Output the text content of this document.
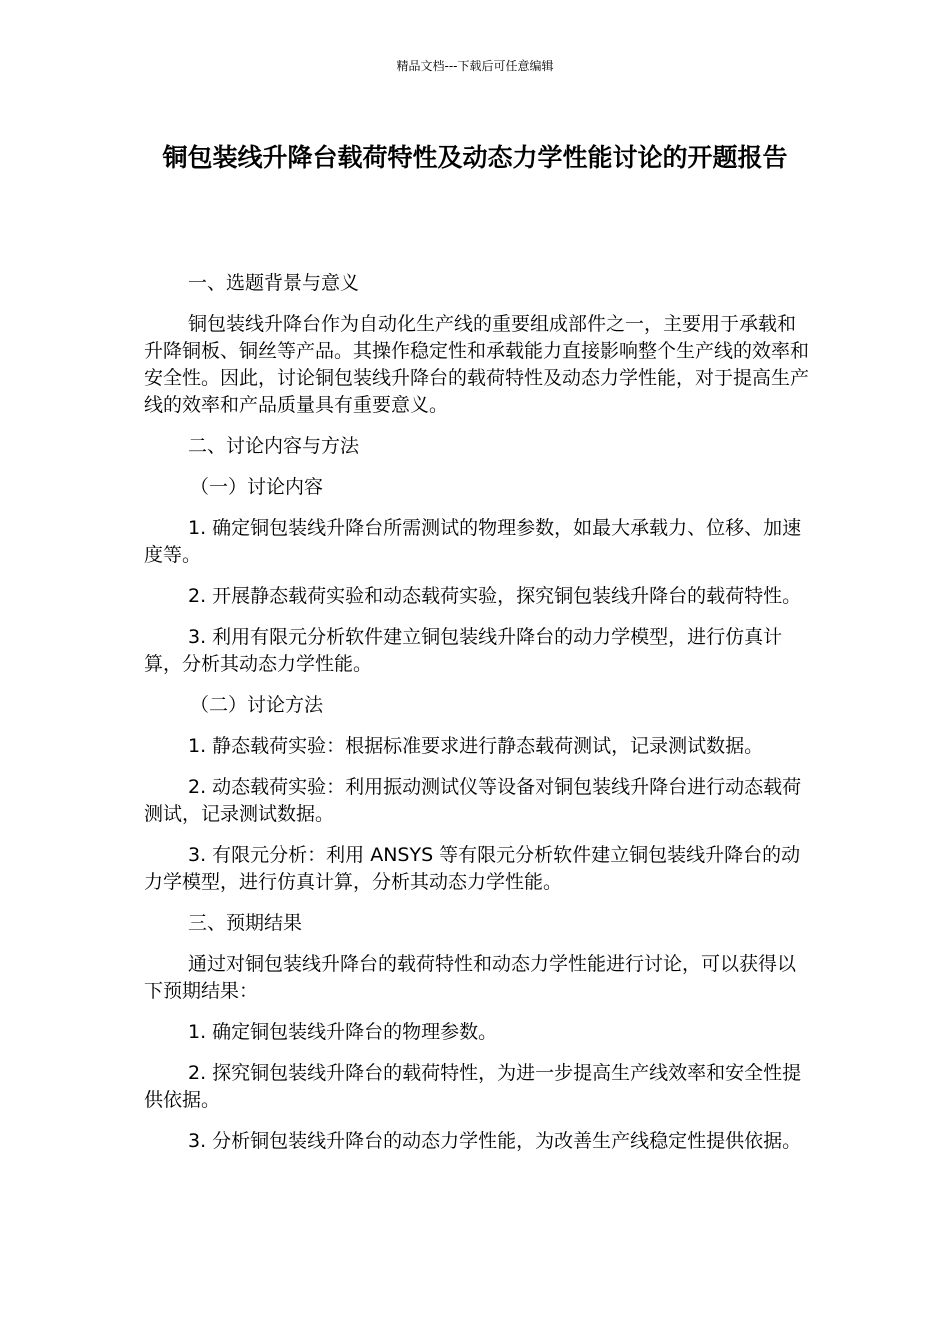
精品文档---下载后可任意编辑
铜包装线升降台载荷特性及动态力学性能讨论的开题报告

一、选题背景与意义

铜包装线升降台作为自动化生产线的重要组成部件之一，主要用于承载和升降铜板、铜丝等产品。其操作稳定性和承载能力直接影响整个生产线的效率和安全性。因此，讨论铜包装线升降台的载荷特性及动态力学性能，对于提高生产线的效率和产品质量具有重要意义。

二、讨论内容与方法

（一）讨论内容

1. 确定铜包装线升降台所需测试的物理参数，如最大承载力、位移、加速度等。

2. 开展静态载荷实验和动态载荷实验，探究铜包装线升降台的载荷特性。

3. 利用有限元分析软件建立铜包装线升降台的动力学模型，进行仿真计算，分析其动态力学性能。

（二）讨论方法

1. 静态载荷实验：根据标准要求进行静态载荷测试，记录测试数据。

2. 动态载荷实验：利用振动测试仪等设备对铜包装线升降台进行动态载荷测试，记录测试数据。

3. 有限元分析：利用 ANSYS 等有限元分析软件建立铜包装线升降台的动力学模型，进行仿真计算，分析其动态力学性能。

三、预期结果

通过对铜包装线升降台的载荷特性和动态力学性能进行讨论，可以获得以下预期结果：

1. 确定铜包装线升降台的物理参数。

2. 探究铜包装线升降台的载荷特性，为进一步提高生产线效率和安全性提供依据。

3. 分析铜包装线升降台的动态力学性能，为改善生产线稳定性提供依据。
